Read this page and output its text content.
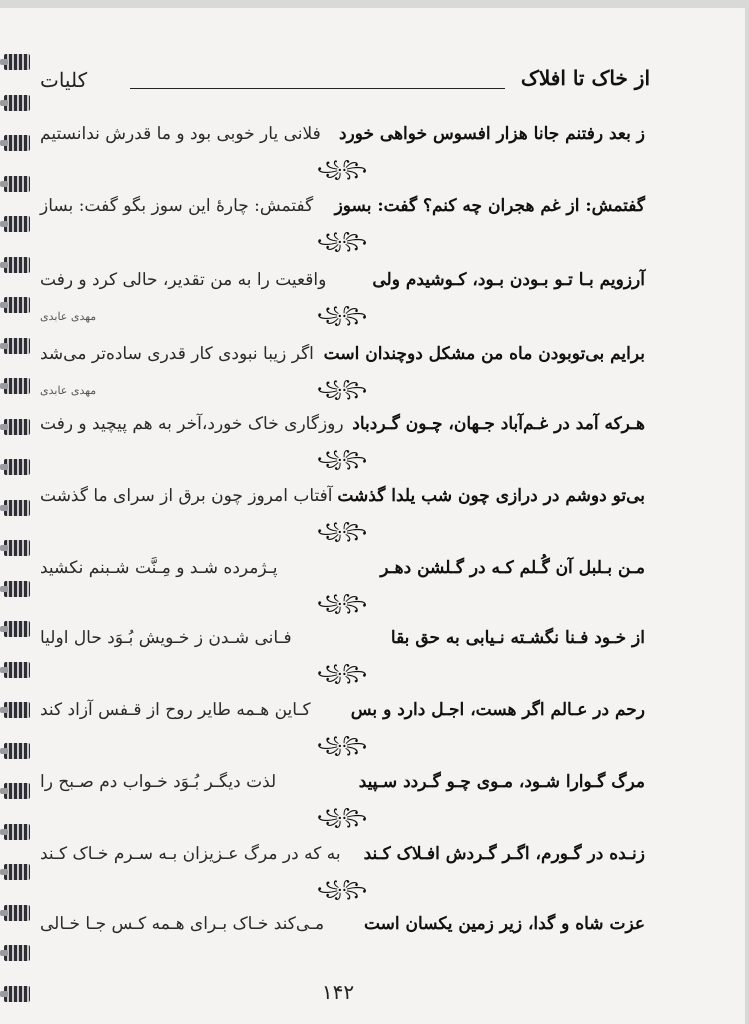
از خاک تا افلاک
کلیات
ز بعد رفتنم جانا هزار افسوس خواهی خورد
فلانی یار خوبی بود و ما قدرش ندانستیم
꧁꧂
گفتمش: از غم هجران چه کنم؟ گفت: بسوز
گفتمش: چارهٔ این سوز بگو گفت: بساز
꧁꧂
آرزویم بـا تـو بـودن بـود، کـوشیدم ولی
واقعیت را به من تقدیر، حالی کرد و رفت
مهدی عابدی	꧁꧂
برایم بی‌توبودن ماه من مشکل دوچندان است
اگر زیبا نبودی کار قدری ساده‌تر می‌شد
مهدی عابدی	꧁꧂
هـرکه آمد در غـم‌آباد جـهان، چـون گـردباد
روزگاری خاک خورد،آخر به هم پیچید و رفت
꧁꧂
بی‌تو دوشم در درازی چون شب یلدا گذشت
آفتاب امروز چون برق از سرای ما گذشت
꧁꧂
مـن بـلبل آن گُـلم کـه در گـلشن دهـر
پـژمرده شـد و مِـنَّت شـبنم نکشید
꧁꧂
از خـود فـنا نگشـته نـیابی به حق بقا
فـانی شـدن ز خـویش بُـوَد حال اولیا
꧁꧂
رحم در عـالم اگر هست، اجـل دارد و بس
کـاین هـمه طایر روح از قـفس آزاد کند
꧁꧂
مرگ گـوارا شـود، مـوی چـو گـردد سـپید
لذت دیگـر بُـوَد خـواب دم صـبح را
꧁꧂
زنـده در گـورم، اگـر گـردش افـلاک کـند
به که در مرگ عـزیزان بـه سـرم خـاک کـند
꧁꧂
عزت شاه و گدا، زیر زمین یکسان است
مـی‌کند خـاک بـرای هـمه کـس جـا خـالی
۱۴۲
